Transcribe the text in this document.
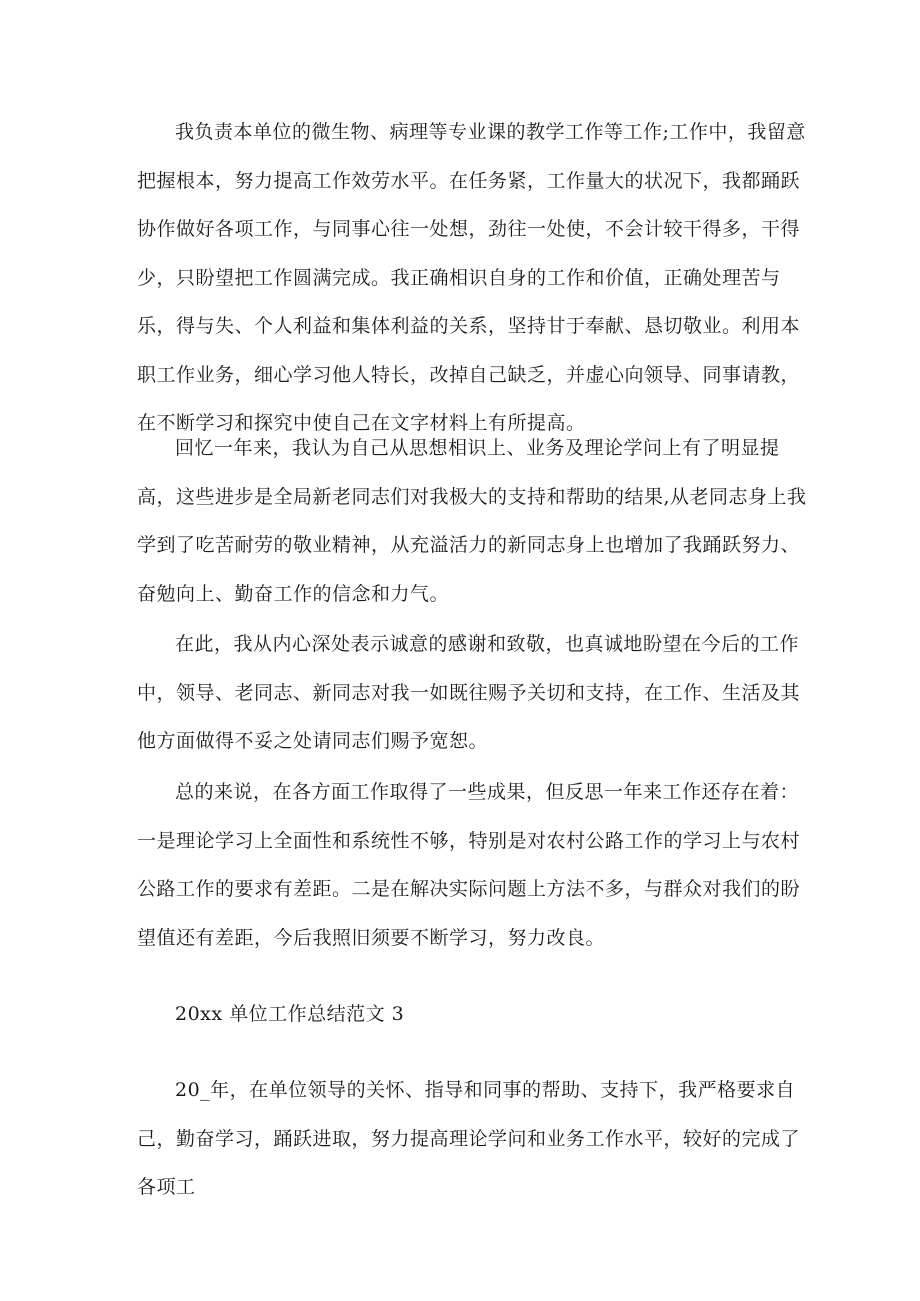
我负责本单位的微生物、病理等专业课的教学工作等工作;工作中，我留意把握根本，努力提高工作效劳水平。在任务紧，工作量大的状况下，我都踊跃协作做好各项工作，与同事心往一处想，劲往一处使，不会计较干得多，干得少，只盼望把工作圆满完成。我正确相识自身的工作和价值，正确处理苦与乐，得与失、个人利益和集体利益的关系，坚持甘于奉献、恳切敬业。利用本职工作业务，细心学习他人特长，改掉自己缺乏，并虚心向领导、同事请教，在不断学习和探究中使自己在文字材料上有所提高。

回忆一年来，我认为自己从思想相识上、业务及理论学问上有了明显提高，这些进步是全局新老同志们对我极大的支持和帮助的结果,从老同志身上我学到了吃苦耐劳的敬业精神，从充溢活力的新同志身上也增加了我踊跃努力、奋勉向上、勤奋工作的信念和力气。

在此，我从内心深处表示诚意的感谢和致敬，也真诚地盼望在今后的工作中，领导、老同志、新同志对我一如既往赐予关切和支持，在工作、生活及其他方面做得不妥之处请同志们赐予宽恕。

总的来说，在各方面工作取得了一些成果，但反思一年来工作还存在着：一是理论学习上全面性和系统性不够，特别是对农村公路工作的学习上与农村公路工作的要求有差距。二是在解决实际问题上方法不多，与群众对我们的盼望值还有差距，今后我照旧须要不断学习，努力改良。

20xx 单位工作总结范文 3

20_年，在单位领导的关怀、指导和同事的帮助、支持下，我严格要求自己，勤奋学习，踊跃进取，努力提高理论学问和业务工作水平，较好的完成了各项工
